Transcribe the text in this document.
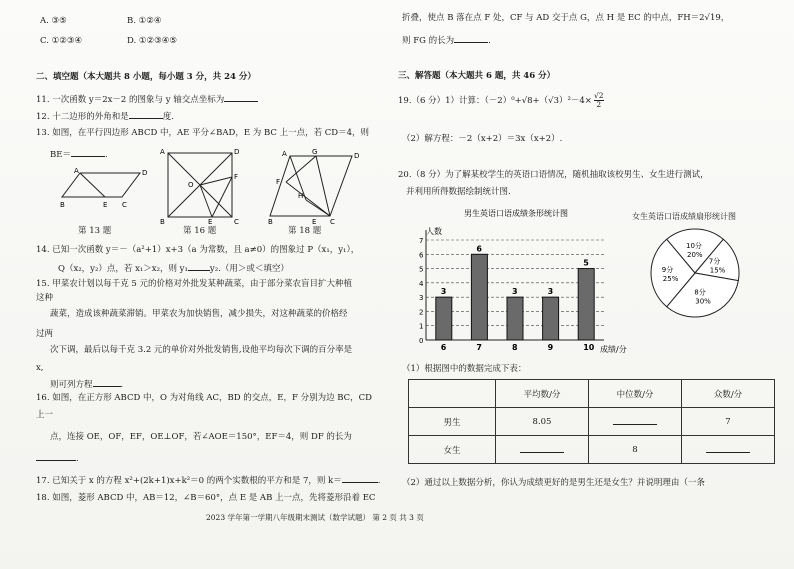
A. ③⑤	B. ①②④
C. ①②③④	D. ①②③④⑤
二、填空题（本大题共 8 小题，每小题 3 分，共 24 分）
11. 一次函数 y＝2x－2 的图象与 y 轴交点坐标为
12. 十二边形的外角和是	度.
13. 如图，在平行四边形 ABCD 中，AE 平分∠BAD，E 为 BC 上一点，若 CD＝4，则
BE＝	.
A	D
B	E C
A	D
O
F
B	E	C
A	G	D
F
H
B	E C
第 13 题	第 16 题	第 18 题
14. 已知一次函数 y＝－（a²+1）x+3（a 为常数，且 a≠0）的图象过 P（x₁，y₁），
Q（x₂，y₂）点，若 x₁＞x₂，则 y₁	y₂.（用＞或＜填空）
15. 甲菜农计划以每千克 5 元的价格对外批发某种蔬菜，由于部分菜农盲目扩大种植
这种
蔬菜，造成该种蔬菜滞销。甲菜农为加快销售，减少损失，对这种蔬菜的价格经
过两
次下调，最后以每千克 3.2 元的单价对外批发销售,设他平均每次下调的百分率是
x,
则可列方程	.
16. 如图，在正方形 ABCD 中，O 为对角线 AC，BD 的交点，E，F 分别为边 BC，CD
上一
点，连接 OE，OF，EF，OE⊥OF，若∠AOE＝150°，EF＝4，则 DF 的长为
.
17. 已知关于 x 的方程 x²+(2k+1)x+k²＝0 的两个实数根的平方和是 7，则 k＝	.
18. 如图，菱形 ABCD 中，AB＝12，∠B＝60°，点 E 是 AB 上一点，先将菱形沿着 EC
2023 学年第一学期八年级期末测试（数学试题） 第 2 页 共 3 页
折叠，使点 B 落在点 F 处，CF 与 AD 交于点 G，点 H 是 EC 的中点，FH＝2√19，
则 FG 的长为	.
三、解答题（本大题共 6 题，共 46 分）
19.（6 分）1）计算：$(-2)^0+√8+(√3)^2-4\times \frac{√2}{2}$
（2）解方程：－2（x+2）＝3x（x+2）.
20.（8 分）为了解某校学生的英语口语情况，随机抽取该校男生、女生进行测试，
并利用所得数据绘制统计图.
男生英语口语成绩条形统计图
人数
成绩/分
0
1
2
3
4
5
6
7
3
6
6
7
3
8
3
9
5
10
女生英语口语成绩扇形统计图
10分
20%
7分
15%
8分
30%
9分
25%
（1）根据图中的数据完成下表：
	平均数/分	中位数/分	众数/分
男生	8.05		7
女生		8	
（2）通过以上数据分析，你认为成绩更好的是男生还是女生？并说明理由（一条
